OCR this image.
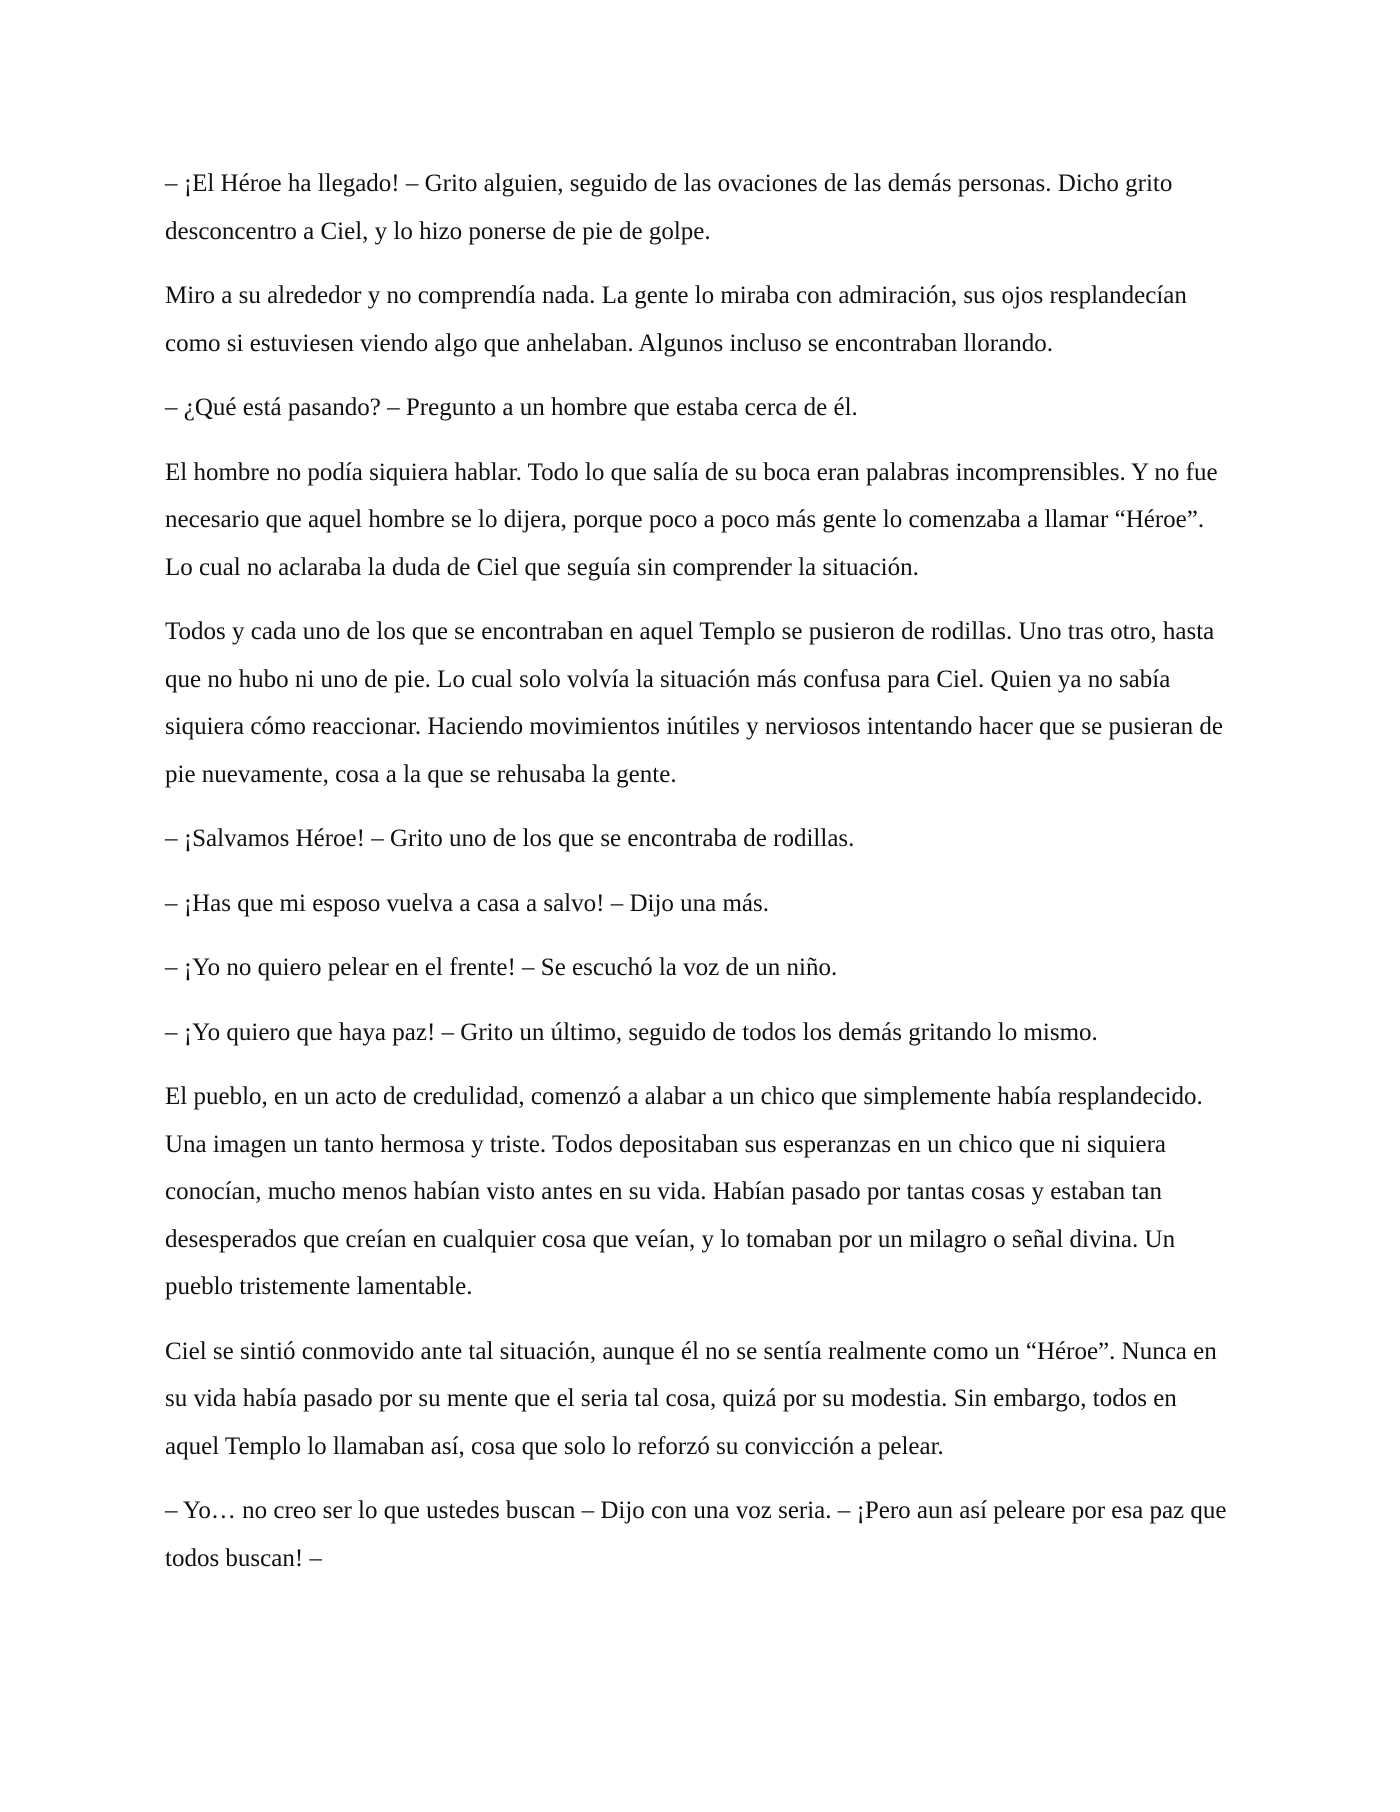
– ¡El Héroe ha llegado! – Grito alguien, seguido de las ovaciones de las demás personas. Dicho grito desconcentro a Ciel, y lo hizo ponerse de pie de golpe.

Miro a su alrededor y no comprendía nada. La gente lo miraba con admiración, sus ojos resplandecían como si estuviesen viendo algo que anhelaban. Algunos incluso se encontraban llorando.

– ¿Qué está pasando? – Pregunto a un hombre que estaba cerca de él.

El hombre no podía siquiera hablar. Todo lo que salía de su boca eran palabras incomprensibles. Y no fue necesario que aquel hombre se lo dijera, porque poco a poco más gente lo comenzaba a llamar “Héroe”. Lo cual no aclaraba la duda de Ciel que seguía sin comprender la situación.

Todos y cada uno de los que se encontraban en aquel Templo se pusieron de rodillas. Uno tras otro, hasta que no hubo ni uno de pie. Lo cual solo volvía la situación más confusa para Ciel. Quien ya no sabía siquiera cómo reaccionar. Haciendo movimientos inútiles y nerviosos intentando hacer que se pusieran de pie nuevamente, cosa a la que se rehusaba la gente.

– ¡Salvamos Héroe! – Grito uno de los que se encontraba de rodillas.

– ¡Has que mi esposo vuelva a casa a salvo! – Dijo una más.

– ¡Yo no quiero pelear en el frente! – Se escuchó la voz de un niño.

– ¡Yo quiero que haya paz! – Grito un último, seguido de todos los demás gritando lo mismo.

El pueblo, en un acto de credulidad, comenzó a alabar a un chico que simplemente había resplandecido. Una imagen un tanto hermosa y triste. Todos depositaban sus esperanzas en un chico que ni siquiera conocían, mucho menos habían visto antes en su vida. Habían pasado por tantas cosas y estaban tan desesperados que creían en cualquier cosa que veían, y lo tomaban por un milagro o señal divina. Un pueblo tristemente lamentable.

Ciel se sintió conmovido ante tal situación, aunque él no se sentía realmente como un “Héroe”. Nunca en su vida había pasado por su mente que el seria tal cosa, quizá por su modestia. Sin embargo, todos en aquel Templo lo llamaban así, cosa que solo lo reforzó su convicción a pelear.

– Yo… no creo ser lo que ustedes buscan – Dijo con una voz seria. – ¡Pero aun así peleare por esa paz que todos buscan! –
